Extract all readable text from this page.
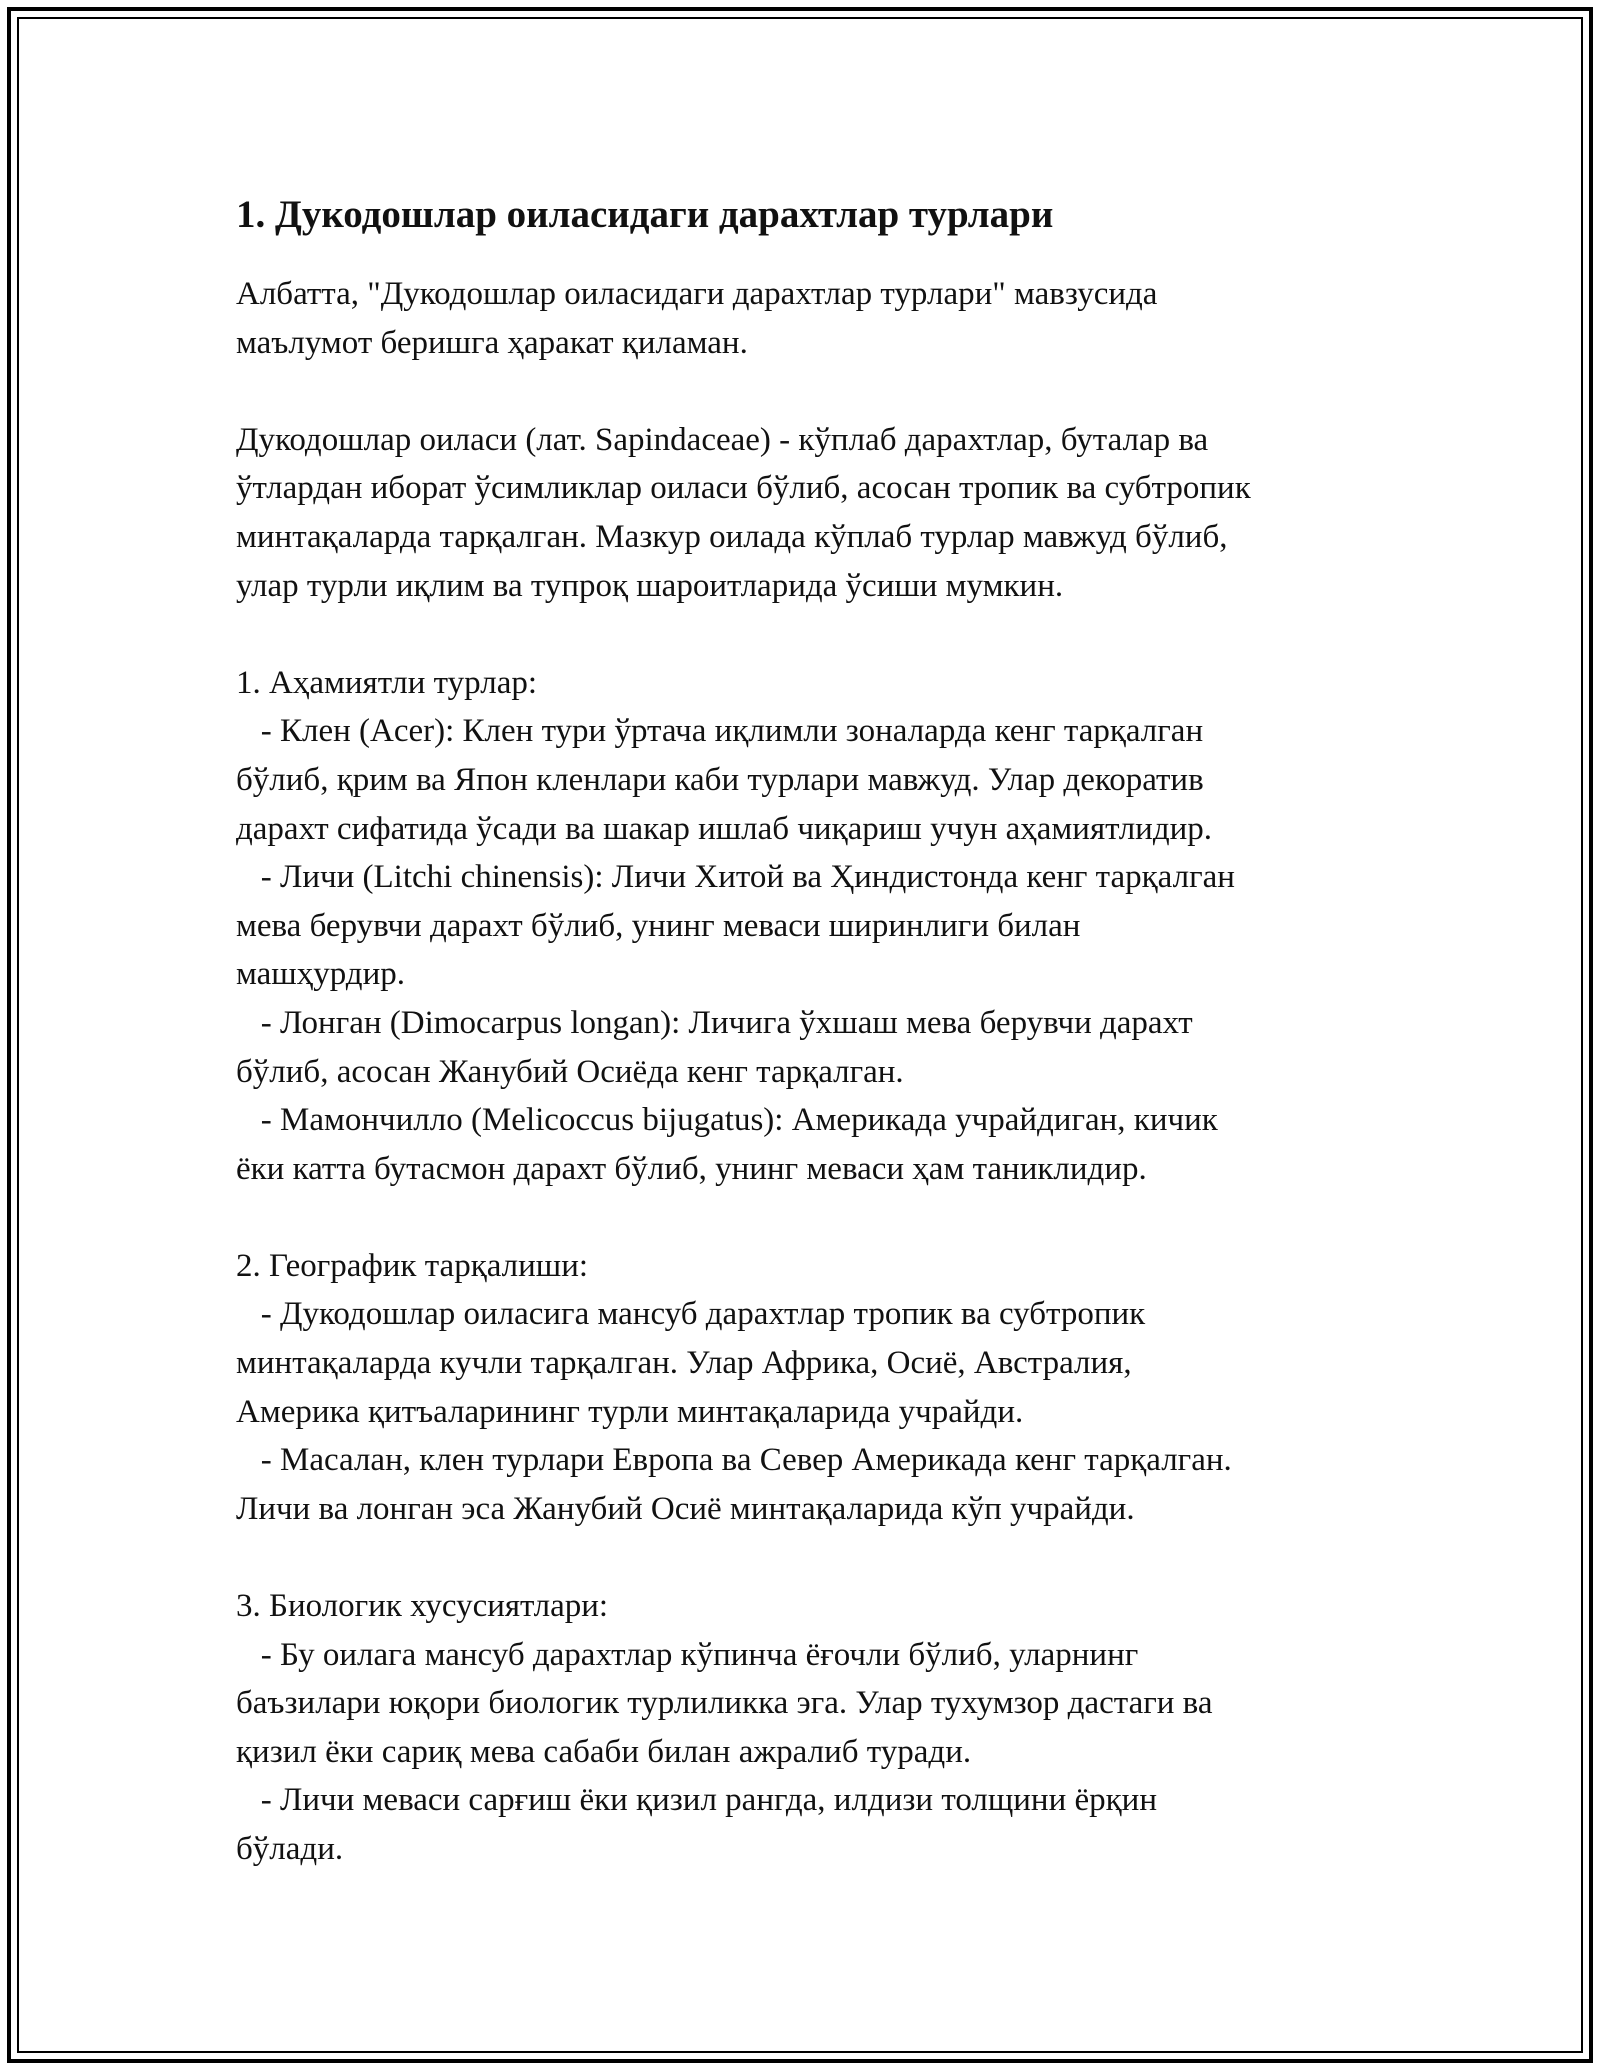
1. Дукодошлар оиласидаги дарахтлар турлари

Албатта, "Дукодошлар оиласидаги дарахтлар турлари" мавзусида
маълумот беришга ҳаракат қиламан.

Дукодошлар оиласи (лат. Sapindaceae) - кўплаб дарахтлар, буталар ва
ўтлардан иборат ўсимликлар оиласи бўлиб, асосан тропик ва субтропик
минтақаларда тарқалган. Мазкур оилада кўплаб турлар мавжуд бўлиб,
улар турли иқлим ва тупроқ шароитларида ўсиши мумкин.

1. Аҳамиятли турлар:

- Клен (Acer): Клен тури ўртача иқлимли зоналарда кенг тарқалган
бўлиб, қрим ва Япон кленлари каби турлари мавжуд. Улар декоратив
дарахт сифатида ўсади ва шакар ишлаб чиқариш учун аҳамиятлидир.

- Личи (Litchi chinensis): Личи Хитой ва Ҳиндистонда кенг тарқалган
мева берувчи дарахт бўлиб, унинг меваси ширинлиги билан
машҳурдир.

- Лонган (Dimocarpus longan): Личига ўхшаш мева берувчи дарахт
бўлиб, асосан Жанубий Осиёда кенг тарқалган.

- Мамончилло (Melicoccus bijugatus): Америкада учрайдиган, кичик
ёки катта бутасмон дарахт бўлиб, унинг меваси ҳам таниклидир.

2. Географик тарқалиши:

- Дукодошлар оиласига мансуб дарахтлар тропик ва субтропик
минтақаларда кучли тарқалган. Улар Африка, Осиё, Австралия,
Америка қитъаларининг турли минтақаларида учрайди.

- Масалан, клен турлари Европа ва Север Америкада кенг тарқалган.
Личи ва лонган эса Жанубий Осиё минтақаларида кўп учрайди.

3. Биологик хусусиятлари:

- Бу оилага мансуб дарахтлар кўпинча ёғочли бўлиб, уларнинг
баъзилари юқори биологик турлиликка эга. Улар тухумзор дастаги ва
қизил ёки сариқ мева сабаби билан ажралиб туради.

- Личи меваси сарғиш ёки қизил рангда, илдизи толщини ёрқин
бўлади.
